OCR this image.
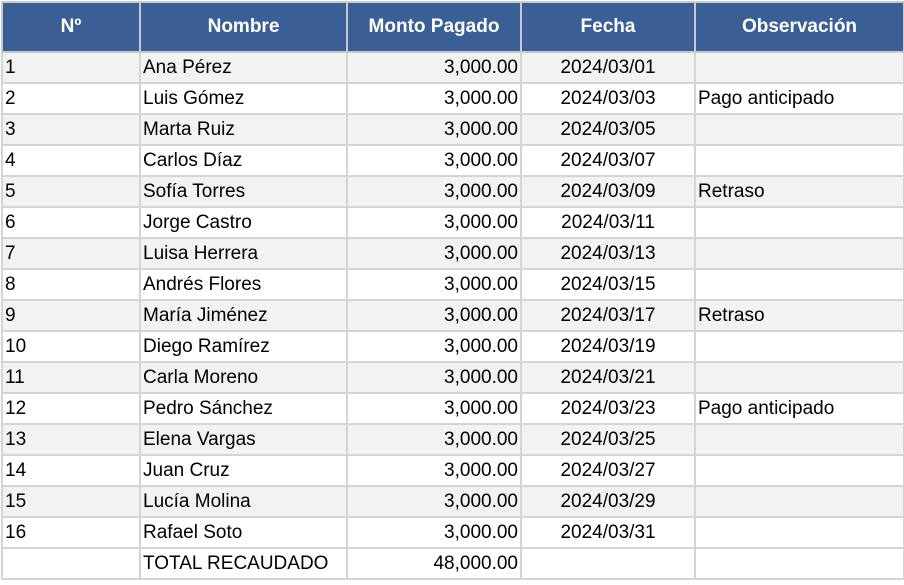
Nº	Nombre	Monto Pagado	Fecha	Observación
1	Ana Pérez	3,000.00	2024/03/01	
2	Luis Gómez	3,000.00	2024/03/03	Pago anticipado
3	Marta Ruiz	3,000.00	2024/03/05	
4	Carlos Díaz	3,000.00	2024/03/07	
5	Sofía Torres	3,000.00	2024/03/09	Retraso
6	Jorge Castro	3,000.00	2024/03/11	
7	Luisa Herrera	3,000.00	2024/03/13	
8	Andrés Flores	3,000.00	2024/03/15	
9	María Jiménez	3,000.00	2024/03/17	Retraso
10	Diego Ramírez	3,000.00	2024/03/19	
11	Carla Moreno	3,000.00	2024/03/21	
12	Pedro Sánchez	3,000.00	2024/03/23	Pago anticipado
13	Elena Vargas	3,000.00	2024/03/25	
14	Juan Cruz	3,000.00	2024/03/27	
15	Lucía Molina	3,000.00	2024/03/29	
16	Rafael Soto	3,000.00	2024/03/31	
	TOTAL RECAUDADO	48,000.00		
